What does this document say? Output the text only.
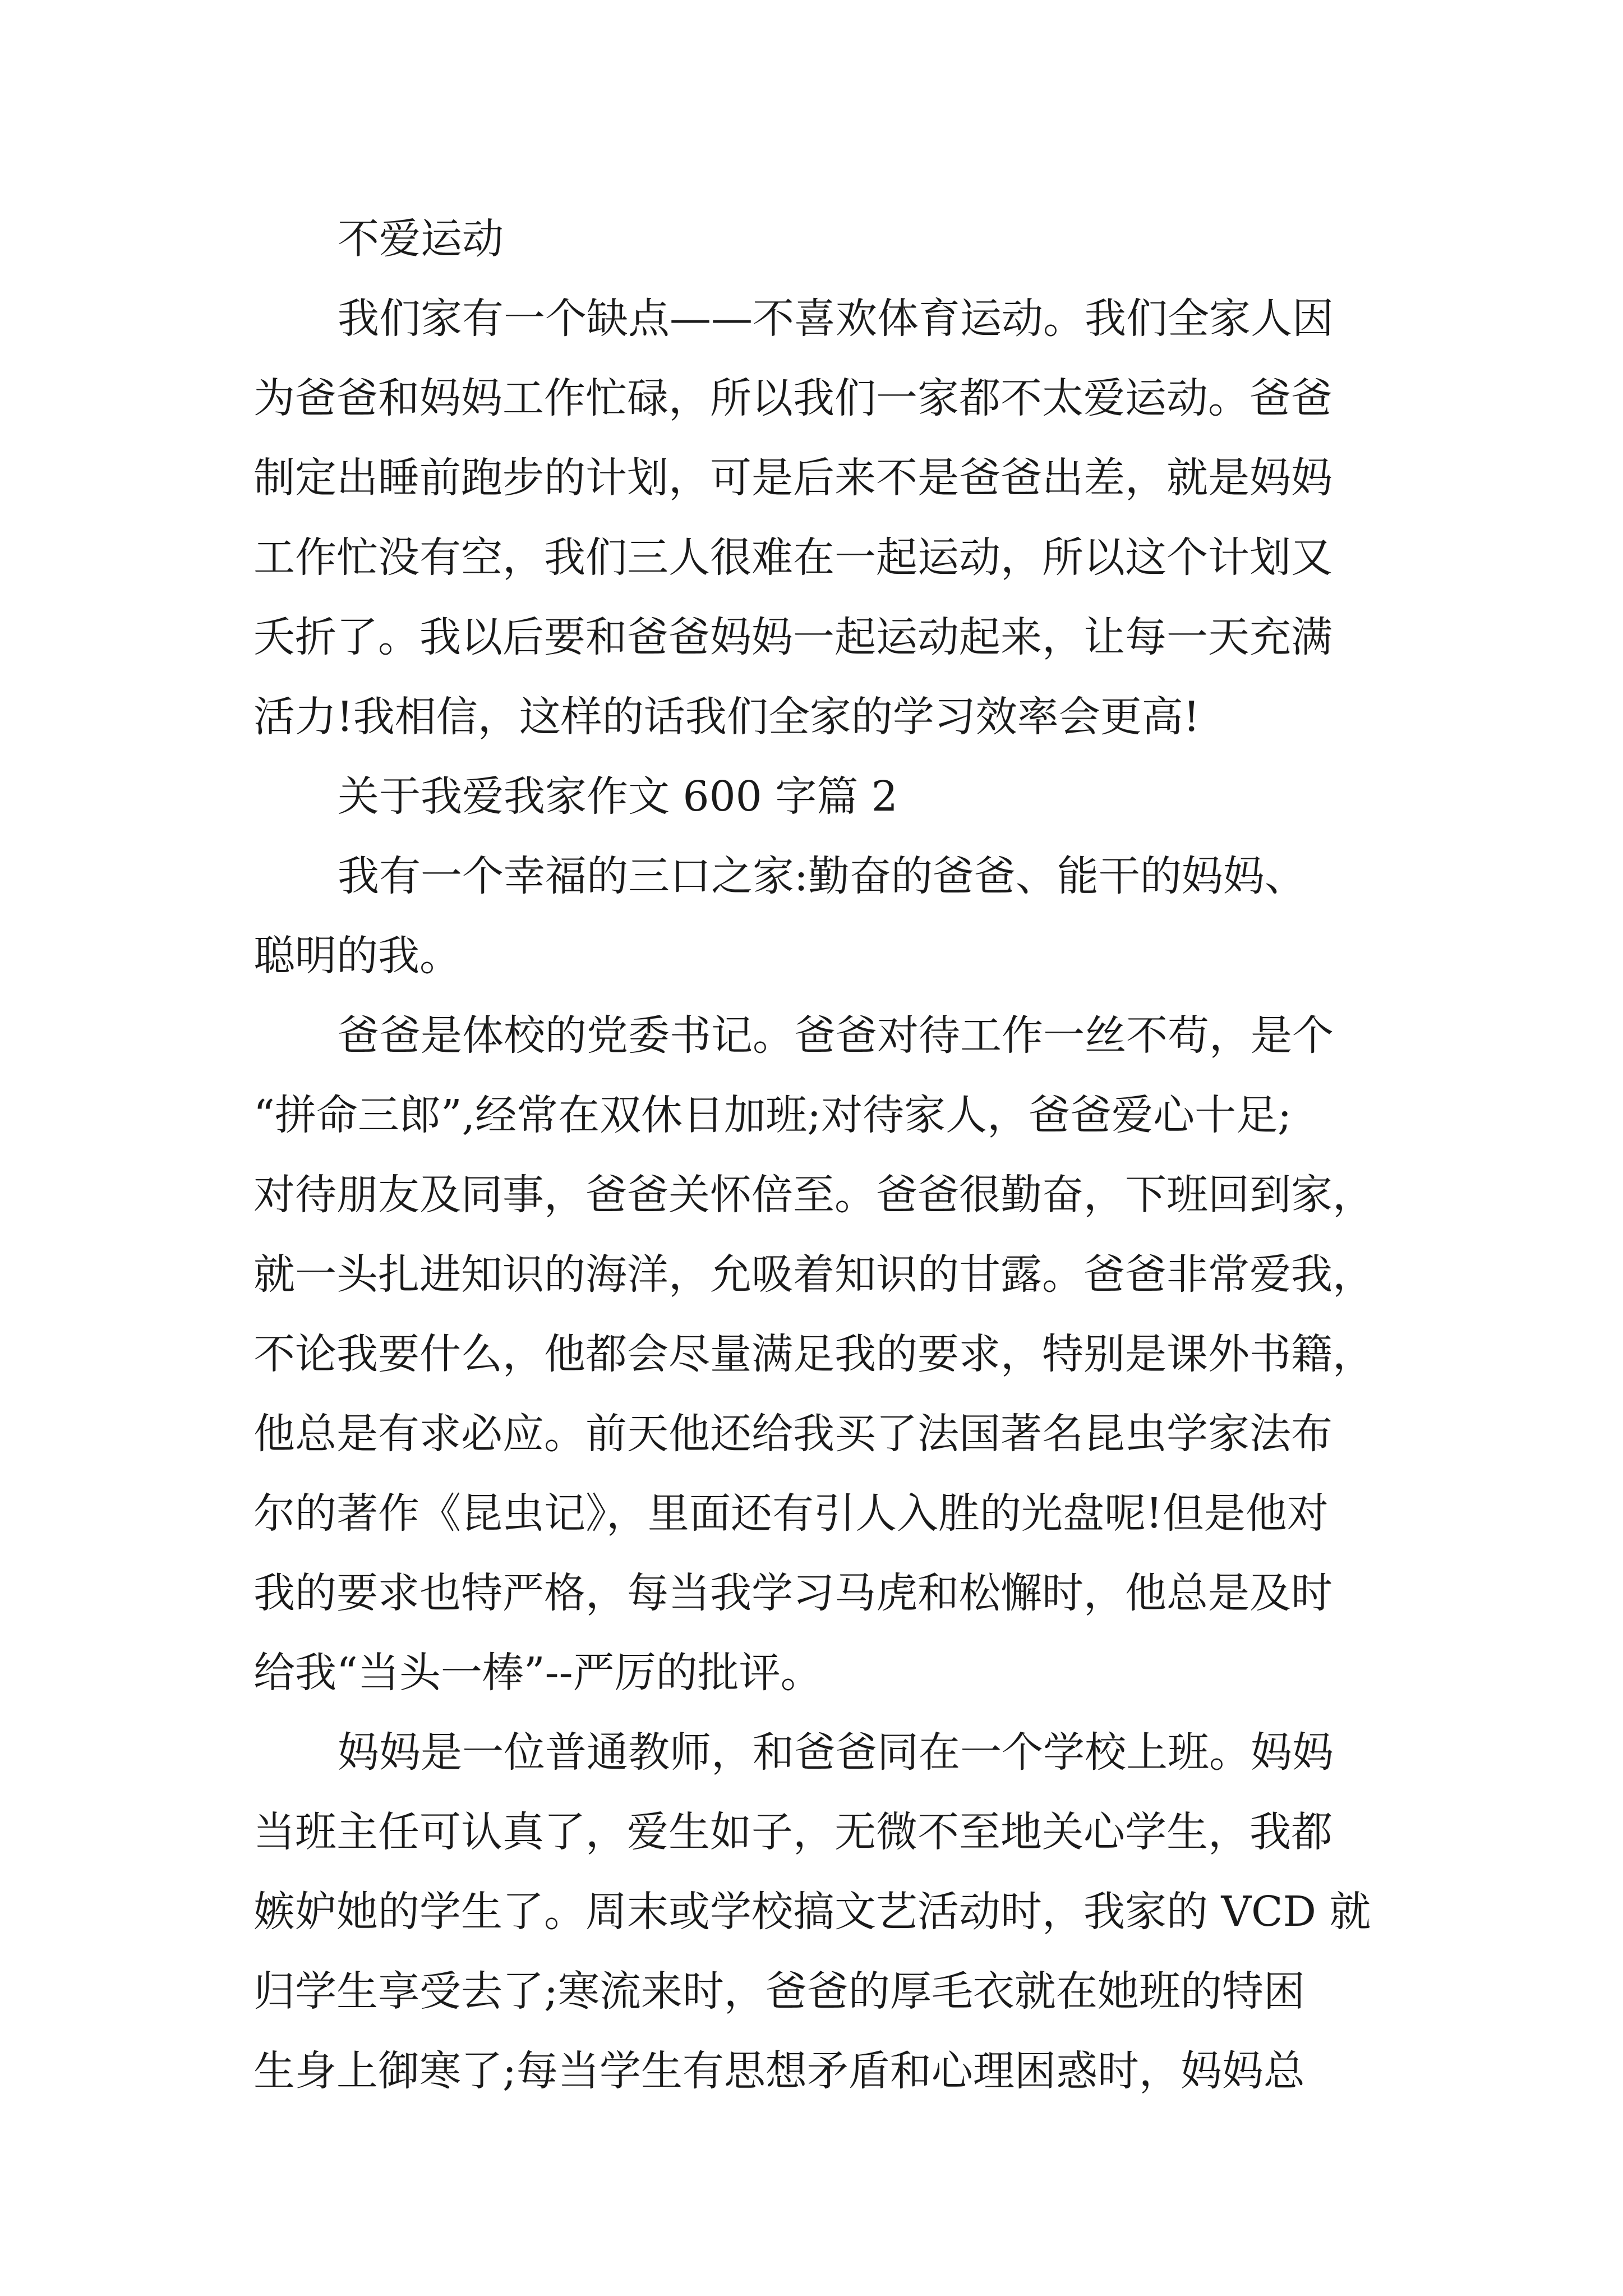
不爱运动

我们家有一个缺点——不喜欢体育运动。我们全家人因
为爸爸和妈妈工作忙碌，所以我们一家都不太爱运动。爸爸
制定出睡前跑步的计划，可是后来不是爸爸出差，就是妈妈
工作忙没有空，我们三人很难在一起运动，所以这个计划又
夭折了。我以后要和爸爸妈妈一起运动起来，让每一天充满
活力!我相信，这样的话我们全家的学习效率会更高!

关于我爱我家作文 600 字篇 2

我有一个幸福的三口之家:勤奋的爸爸、能干的妈妈、
聪明的我。
爸爸是体校的党委书记。爸爸对待工作一丝不苟，是个
“拼命三郎”,经常在双休日加班;对待家人，爸爸爱心十足;
对待朋友及同事，爸爸关怀倍至。爸爸很勤奋，下班回到家，
就一头扎进知识的海洋，允吸着知识的甘露。爸爸非常爱我，
不论我要什么，他都会尽量满足我的要求，特别是课外书籍，
他总是有求必应。前天他还给我买了法国著名昆虫学家法布
尔的著作《昆虫记》，里面还有引人入胜的光盘呢!但是他对
我的要求也特严格，每当我学习马虎和松懈时，他总是及时
给我“当头一棒”--严厉的批评。
妈妈是一位普通教师，和爸爸同在一个学校上班。妈妈
当班主任可认真了，爱生如子，无微不至地关心学生，我都
嫉妒她的学生了。周末或学校搞文艺活动时，我家的 VCD 就
归学生享受去了;寒流来时，爸爸的厚毛衣就在她班的特困
生身上御寒了;每当学生有思想矛盾和心理困惑时，妈妈总
